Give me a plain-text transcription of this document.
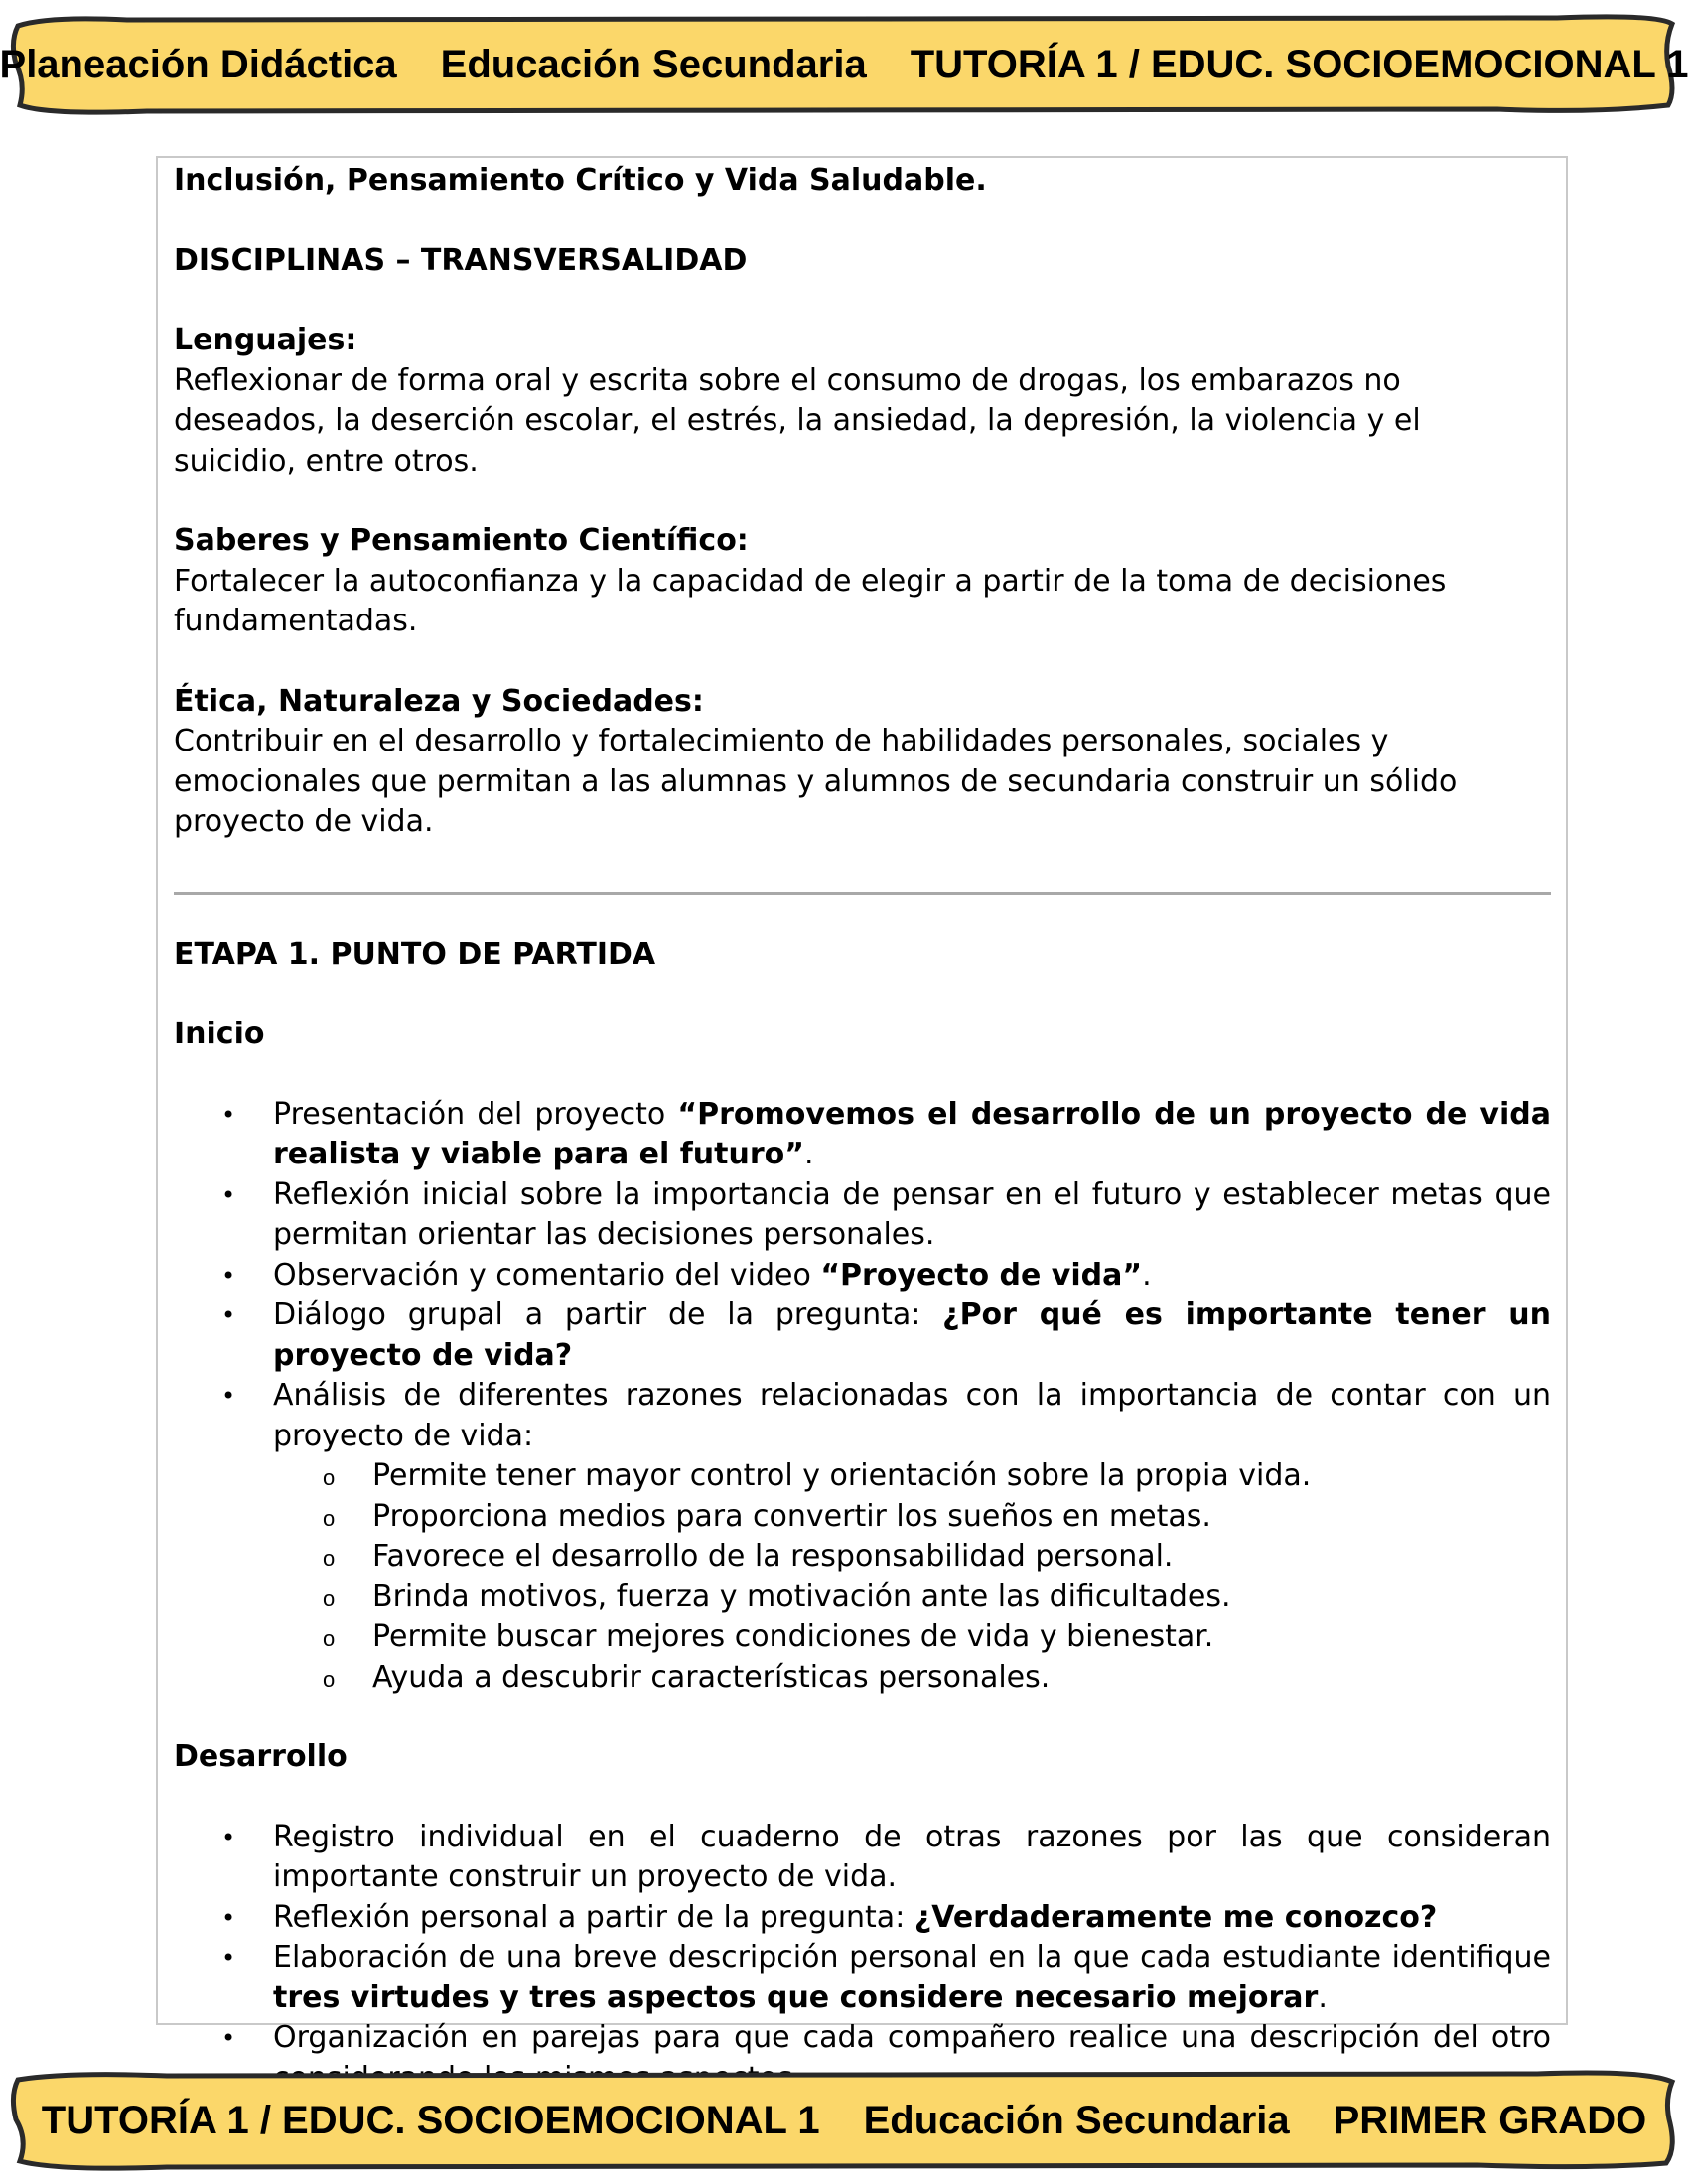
Planeación Didáctica Educación Secundaria TUTORÍA 1 / EDUC. SOCIOEMOCIONAL 1

Inclusión, Pensamiento Crítico y Vida Saludable.

DISCIPLINAS – TRANSVERSALIDAD

Lenguajes:

Reflexionar de forma oral y escrita sobre el consumo de drogas, los embarazos no deseados, la deserción escolar, el estrés, la ansiedad, la depresión, la violencia y el suicidio, entre otros.

Saberes y Pensamiento Científico:

Fortalecer la autoconfianza y la capacidad de elegir a partir de la toma de decisiones fundamentadas.

Ética, Naturaleza y Sociedades:

Contribuir en el desarrollo y fortalecimiento de habilidades personales, sociales y emocionales que permitan a las alumnas y alumnos de secundaria construir un sólido proyecto de vida.

ETAPA 1. PUNTO DE PARTIDA

Inicio

• Presentación del proyecto “Promovemos el desarrollo de un proyecto de vida realista y viable para el futuro”.
• Reflexión inicial sobre la importancia de pensar en el futuro y establecer metas que permitan orientar las decisiones personales.
• Observación y comentario del video “Proyecto de vida”.
• Diálogo grupal a partir de la pregunta: ¿Por qué es importante tener un proyecto de vida?
• Análisis de diferentes razones relacionadas con la importancia de contar con un proyecto de vida:
o Permite tener mayor control y orientación sobre la propia vida.
o Proporciona medios para convertir los sueños en metas.
o Favorece el desarrollo de la responsabilidad personal.
o Brinda motivos, fuerza y motivación ante las dificultades.
o Permite buscar mejores condiciones de vida y bienestar.
o Ayuda a descubrir características personales.

Desarrollo

• Registro individual en el cuaderno de otras razones por las que consideran importante construir un proyecto de vida.
• Reflexión personal a partir de la pregunta: ¿Verdaderamente me conozco?
• Elaboración de una breve descripción personal en la que cada estudiante identifique tres virtudes y tres aspectos que considere necesario mejorar.
• Organización en parejas para que cada compañero realice una descripción del otro
TUTORÍA 1 / EDUC. SOCIOEMOCIONAL 1 Educación Secundaria PRIMER GRADO
